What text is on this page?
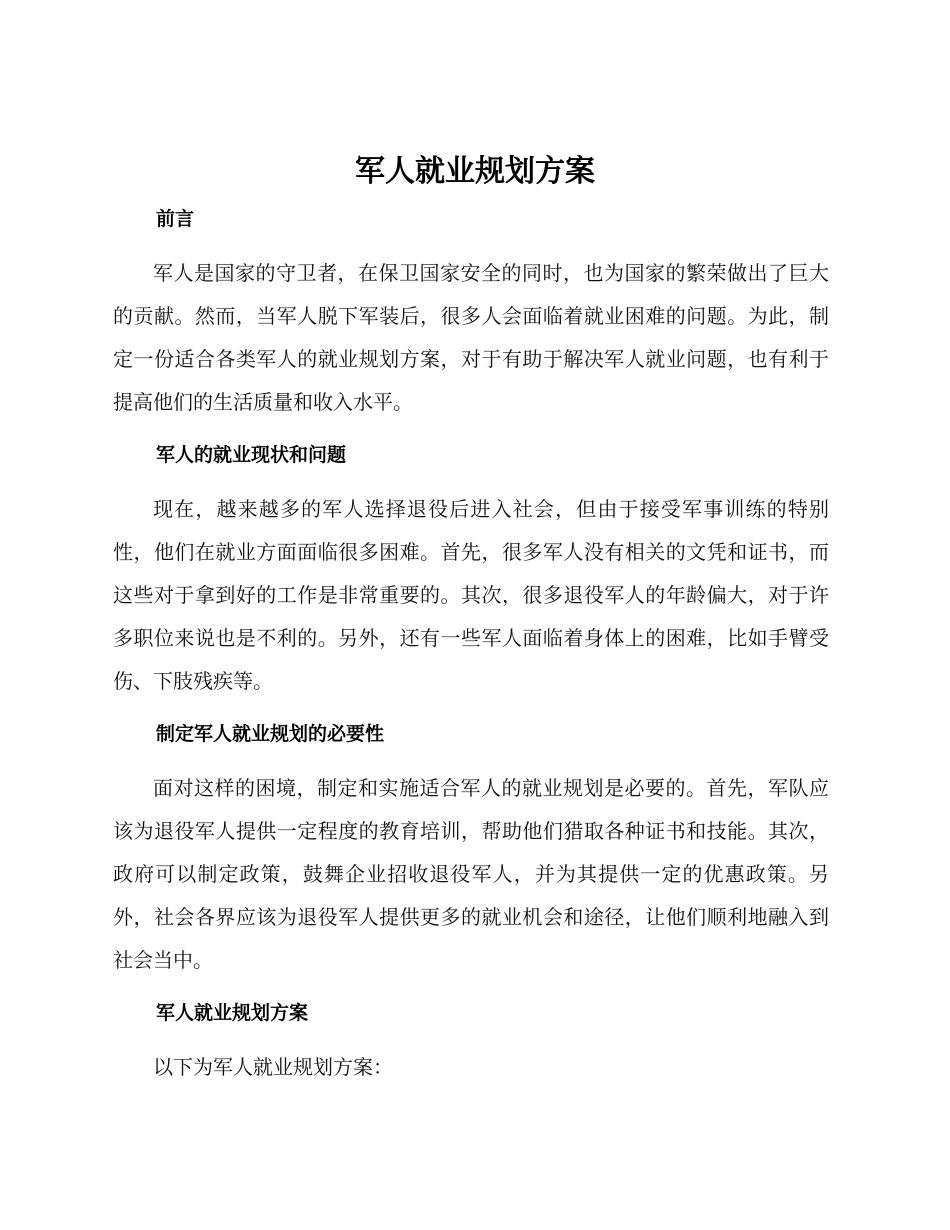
军人就业规划方案
前言

军人是国家的守卫者，在保卫国家安全的同时，也为国家的繁荣做出了巨大的贡献。然而，当军人脱下军装后，很多人会面临着就业困难的问题。为此，制定一份适合各类军人的就业规划方案，对于有助于解决军人就业问题，也有利于提高他们的生活质量和收入水平。

军人的就业现状和问题

现在，越来越多的军人选择退役后进入社会，但由于接受军事训练的特别性，他们在就业方面面临很多困难。首先，很多军人没有相关的文凭和证书，而这些对于拿到好的工作是非常重要的。其次，很多退役军人的年龄偏大，对于许多职位来说也是不利的。另外，还有一些军人面临着身体上的困难，比如手臂受伤、下肢残疾等。

制定军人就业规划的必要性

面对这样的困境，制定和实施适合军人的就业规划是必要的。首先，军队应该为退役军人提供一定程度的教育培训，帮助他们猎取各种证书和技能。其次，政府可以制定政策，鼓舞企业招收退役军人，并为其提供一定的优惠政策。另外，社会各界应该为退役军人提供更多的就业机会和途径，让他们顺利地融入到社会当中。

军人就业规划方案

以下为军人就业规划方案：
